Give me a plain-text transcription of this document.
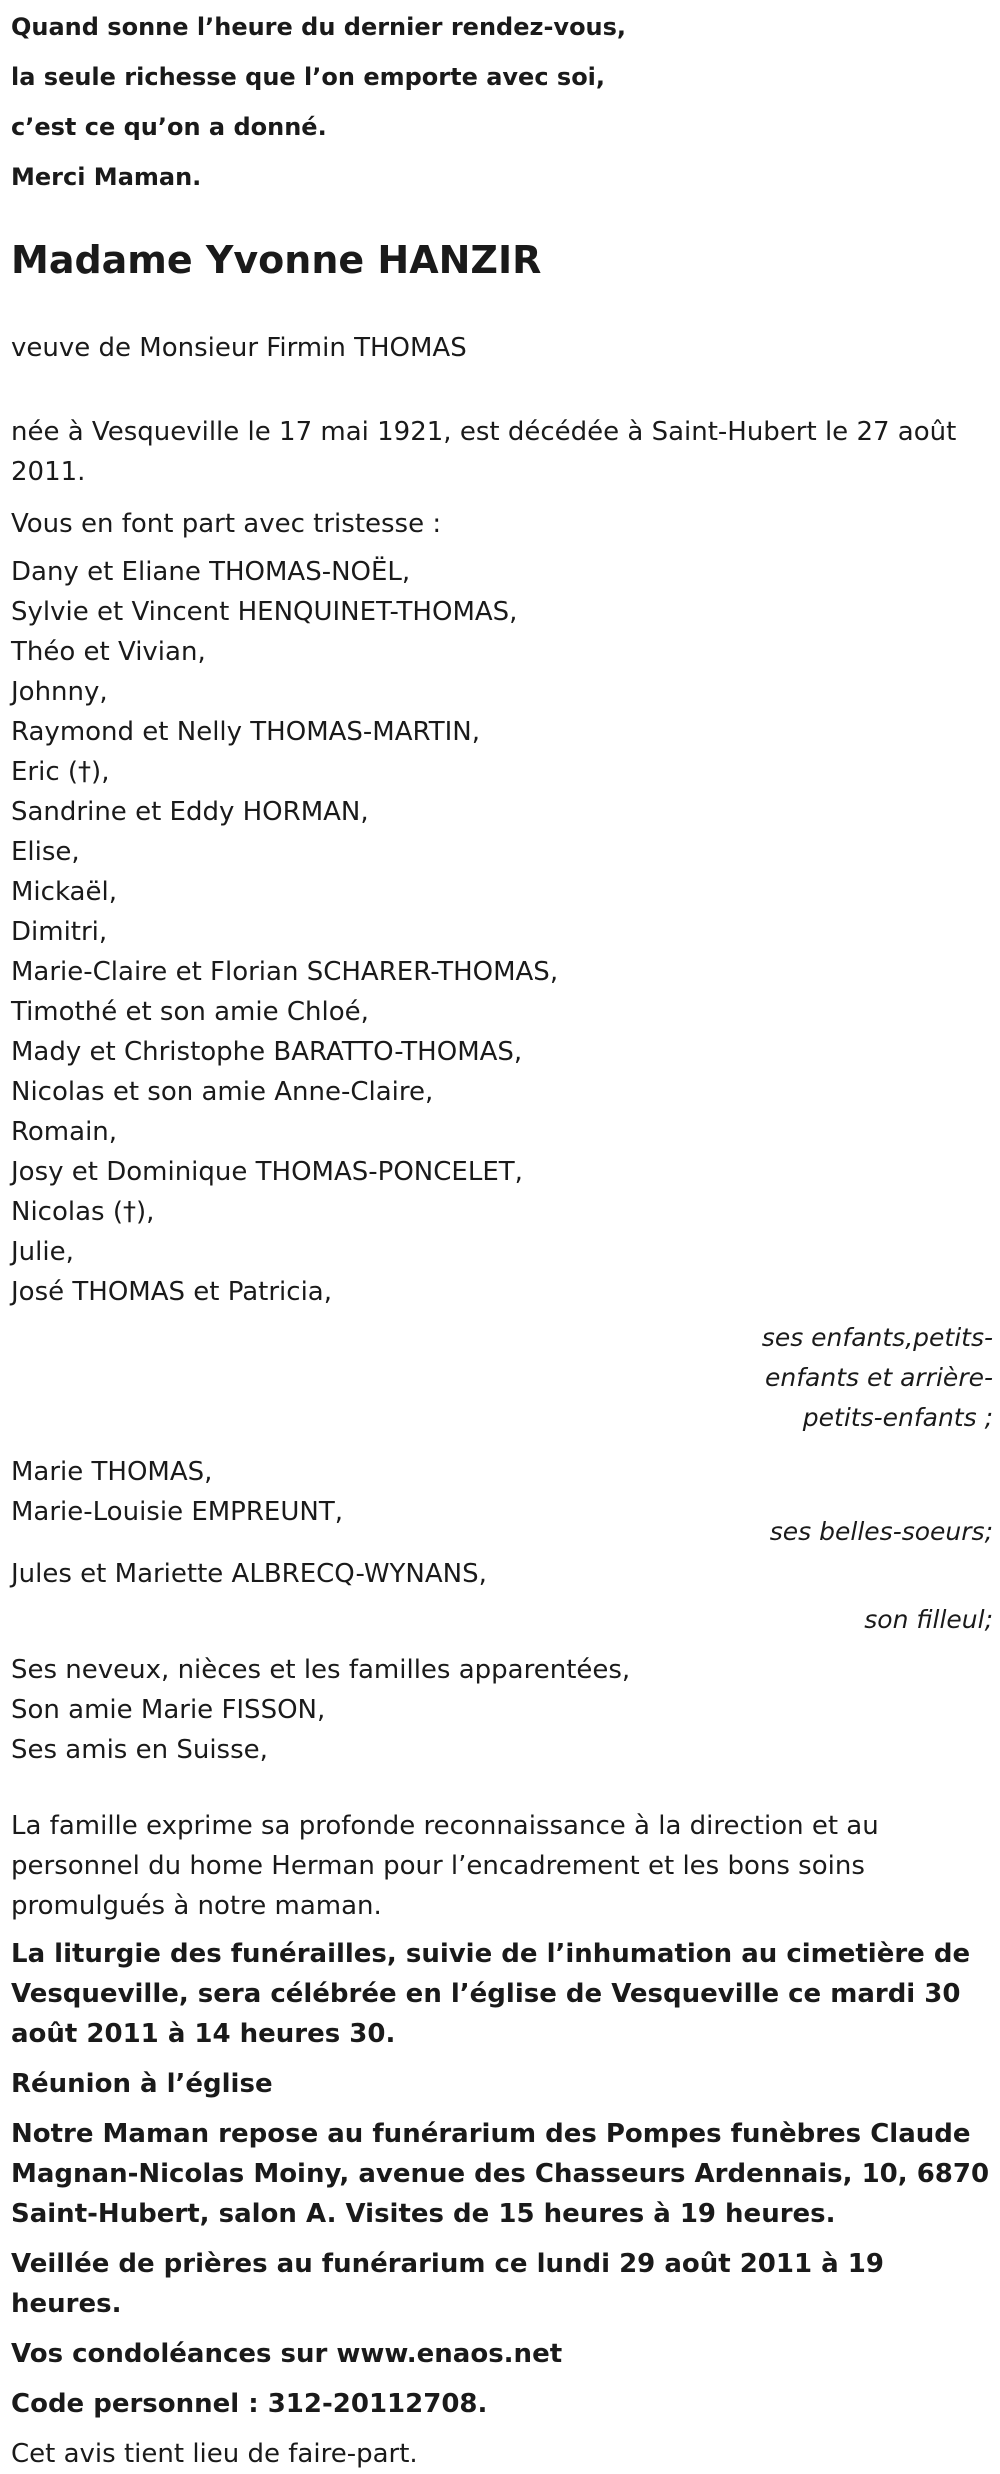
Quand sonne l’heure du dernier rendez-vous,
la seule richesse que l’on emporte avec soi,
c’est ce qu’on a donné.
Merci Maman.
Madame Yvonne HANZIR
veuve de Monsieur Firmin THOMAS
née à Vesqueville le 17 mai 1921, est décédée à Saint-Hubert le 27 août 2011.
Vous en font part avec tristesse :
Dany et Eliane THOMAS-NOËL,
Sylvie et Vincent HENQUINET-THOMAS,
Théo et Vivian,
Johnny,
Raymond et Nelly THOMAS-MARTIN,
Eric (†),
Sandrine et Eddy HORMAN,
Elise,
Mickaël,
Dimitri,
Marie-Claire et Florian SCHARER-THOMAS,
Timothé et son amie Chloé,
Mady et Christophe BARATTO-THOMAS,
Nicolas et son amie Anne-Claire,
Romain,
Josy et Dominique THOMAS-PONCELET,
Nicolas (†),
Julie,
José THOMAS et Patricia,
ses enfants,petits-
enfants et arrière-
petits-enfants ;
Marie THOMAS,
Marie-Louisie EMPREUNT,
ses belles-soeurs;
Jules et Mariette ALBRECQ-WYNANS,
son filleul;
Ses neveux, nièces et les familles apparentées,
Son amie Marie FISSON,
Ses amis en Suisse,
La famille exprime sa profonde reconnaissance à la direction et au personnel du home Herman pour l’encadrement et les bons soins promulgués à notre maman.
La liturgie des funérailles, suivie de l’inhumation au cimetière de Vesqueville, sera célébrée en l’église de Vesqueville ce mardi 30 août 2011 à 14 heures 30.
Réunion à l’église
Notre Maman repose au funérarium des Pompes funèbres Claude Magnan-Nicolas Moiny, avenue des Chasseurs Ardennais, 10, 6870 Saint-Hubert, salon A. Visites de 15 heures à 19 heures.
Veillée de prières au funérarium ce lundi 29 août 2011 à 19 heures.
Vos condoléances sur www.enaos.net
Code personnel : 312-20112708.
Cet avis tient lieu de faire-part.
